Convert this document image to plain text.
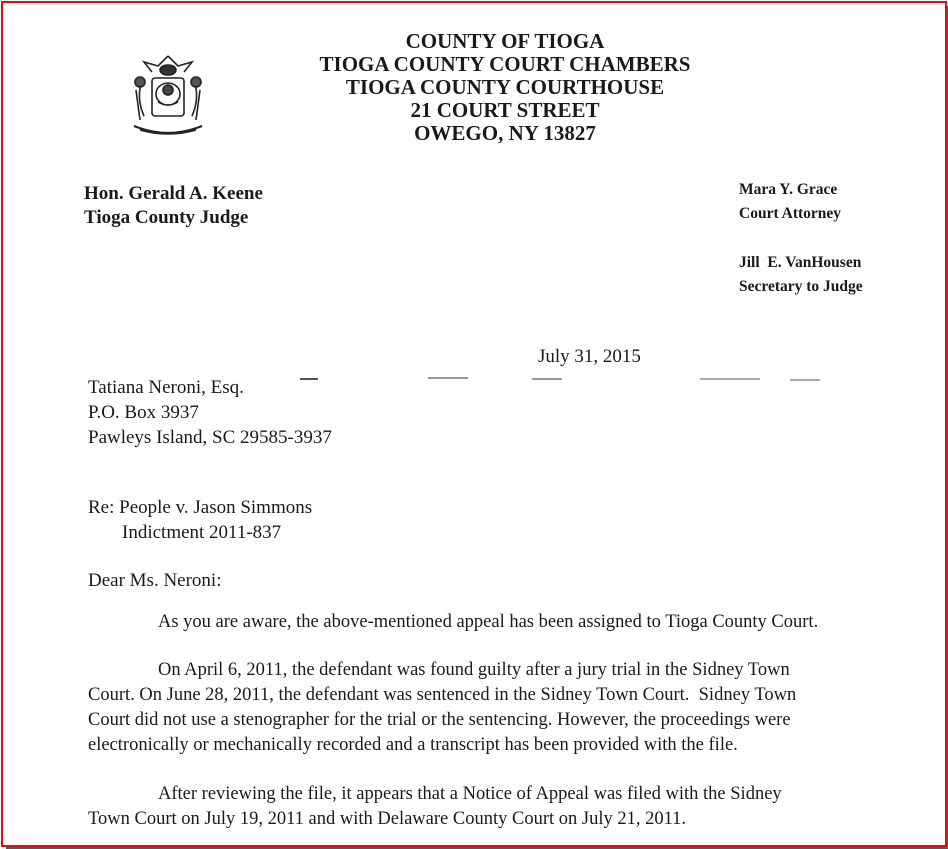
COUNTY OF TIOGA
TIOGA COUNTY COURT CHAMBERS
TIOGA COUNTY COURTHOUSE
21 COURT STREET
OWEGO, NY 13827
Hon. Gerald A. Keene
Tioga County Judge
Mara Y. Grace
Court Attorney
Jill  E. VanHousen
Secretary to Judge
July 31, 2015
Tatiana Neroni, Esq.
P.O. Box 3937
Pawleys Island, SC 29585-3937
Re: People v. Jason Simmons
Indictment 2011-837
Dear Ms. Neroni:
As you are aware, the above-mentioned appeal has been assigned to Tioga County Court.
On April 6, 2011, the defendant was found guilty after a jury trial in the Sidney Town
Court. On June 28, 2011, the defendant was sentenced in the Sidney Town Court.  Sidney Town
Court did not use a stenographer for the trial or the sentencing. However, the proceedings were
electronically or mechanically recorded and a transcript has been provided with the file.
After reviewing the file, it appears that a Notice of Appeal was filed with the Sidney
Town Court on July 19, 2011 and with Delaware County Court on July 21, 2011.
